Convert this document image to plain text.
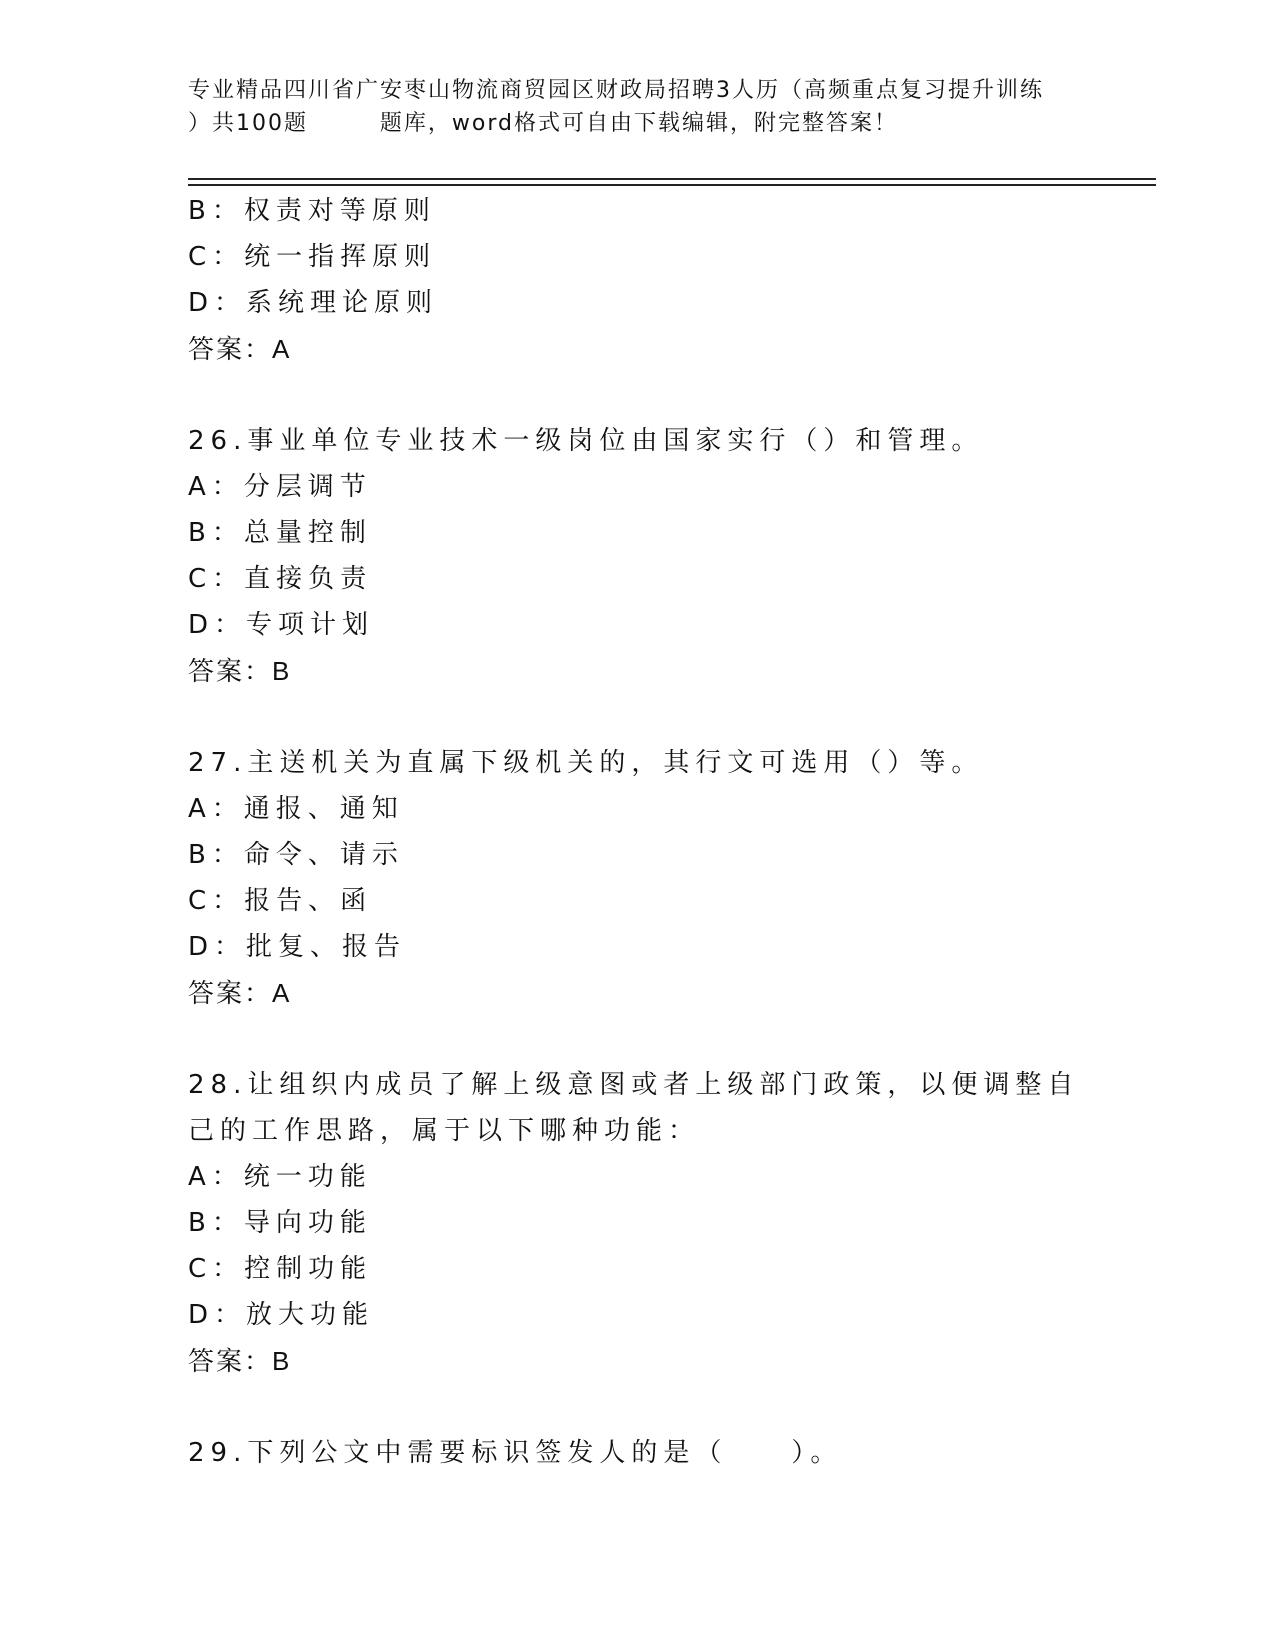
专业精品四川省广安枣山物流商贸园区财政局招聘3人历（高频重点复习提升训练
）共100题        题库，word格式可自由下载编辑，附完整答案！
B：权责对等原则
C：统一指挥原则
D：系统理论原则
答案：A
26.事业单位专业技术一级岗位由国家实行（）和管理。
A：分层调节
B：总量控制
C：直接负责
D：专项计划
答案：B
27.主送机关为直属下级机关的，其行文可选用（）等。
A：通报、通知
B：命令、请示
C：报告、函
D：批复、报告
答案：A
28.让组织内成员了解上级意图或者上级部门政策，以便调整自己的工作思路，属于以下哪种功能：
A：统一功能
B：导向功能
C：控制功能
D：放大功能
答案：B
29.下列公文中需要标识签发人的是（　　）。
